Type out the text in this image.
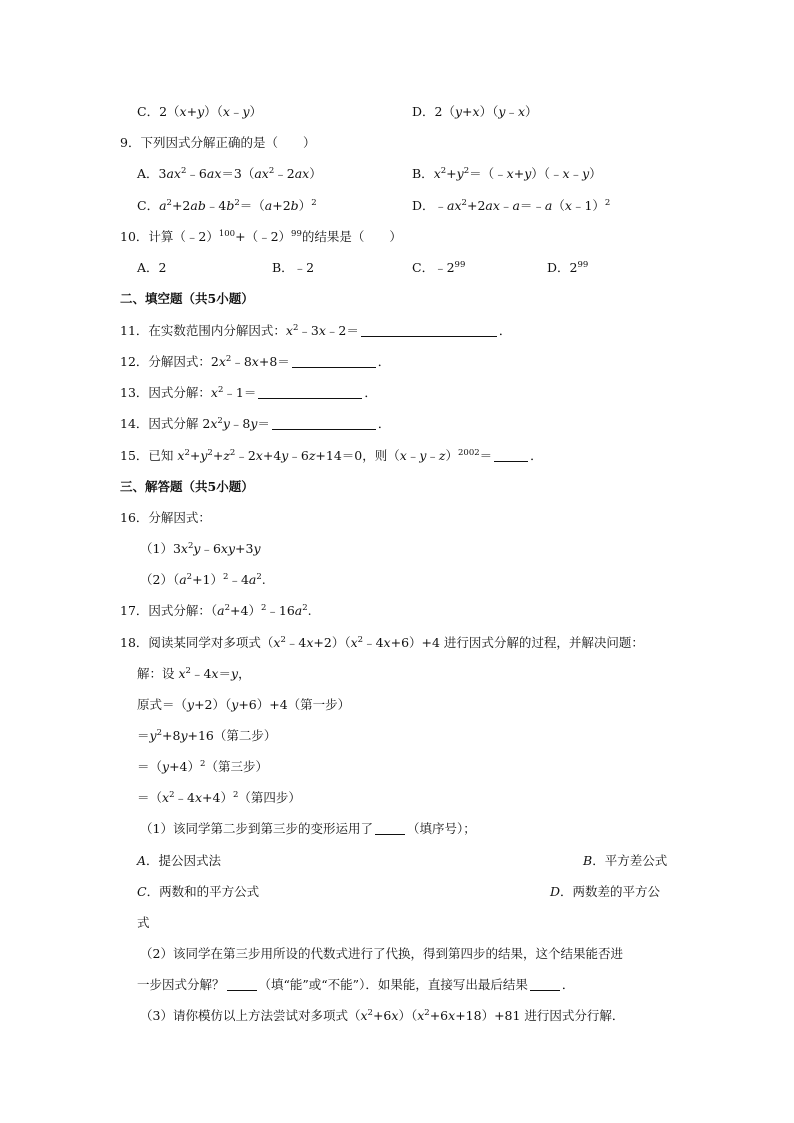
C．2（x+y）（x﹣y）	D．2（y+x）（y﹣x）
9．下列因式分解正确的是（　　）
A．$3ax^2﹣6ax=3(ax^2﹣2ax)$	B．$x^2+y^2=(﹣x+y)(﹣x﹣y)$
C．$a^2+2ab﹣4b^2=(a+2b)^2$	D．$﹣ax^2+2ax﹣a=﹣a(x﹣1)^2$
10．计算（﹣2）$^{100}$+（﹣2）$^{99}$的结果是（　　）
A．2	B．﹣2	C．$﹣2^{99}$	D．$2^{99}$
二、填空题（共5小题）
11．在实数范围内分解因式：$x^2﹣3x﹣2=$	．
12．分解因式：$2x^2﹣8x+8=$	．
13．因式分解：$x^2﹣1=$	．
14．因式分解 $2x^2y﹣8y=$	．
15．已知 $x^2+y^2+z^2﹣2x+4y﹣6z+14=0$，则（x﹣y﹣z）$^{2002}$＝	．
三、解答题（共5小题）
16．分解因式：
$(1)3x^2y﹣6xy+3y$
$(2)(a^2+1)^2﹣4a^2$.
17．因式分解：$(a^2+4)^2﹣16a^2$.
18．阅读某同学对多项式$(x^2﹣4x+2)(x^2﹣4x+6)+4$ 进行因式分解的过程，并解决问题：
解：设 $x^2﹣4x=y$，
原式＝（y+2）（y+6）+4（第一步）
$=y^2+8y+16$（第二步）
$=(y+4)^2$（第三步）
$=(x^2﹣4x+4)^2$（第四步）
（1）该同学第二步到第三步的变形运用了	（填序号）；
A．提公因式法	B．平方差公式
C．两数和的平方公式	D．两数差的平方公
式
（2）该同学在第三步用所设的代数式进行了代换，得到第四步的结果，这个结果能否进
一步因式分解？	（填“能”或“不能”）．如果能，直接写出最后结果	．
（3）请你模仿以上方法尝试对多项式$(x^2+6x)(x^2+6x+18)+81$ 进行因式分行解．
